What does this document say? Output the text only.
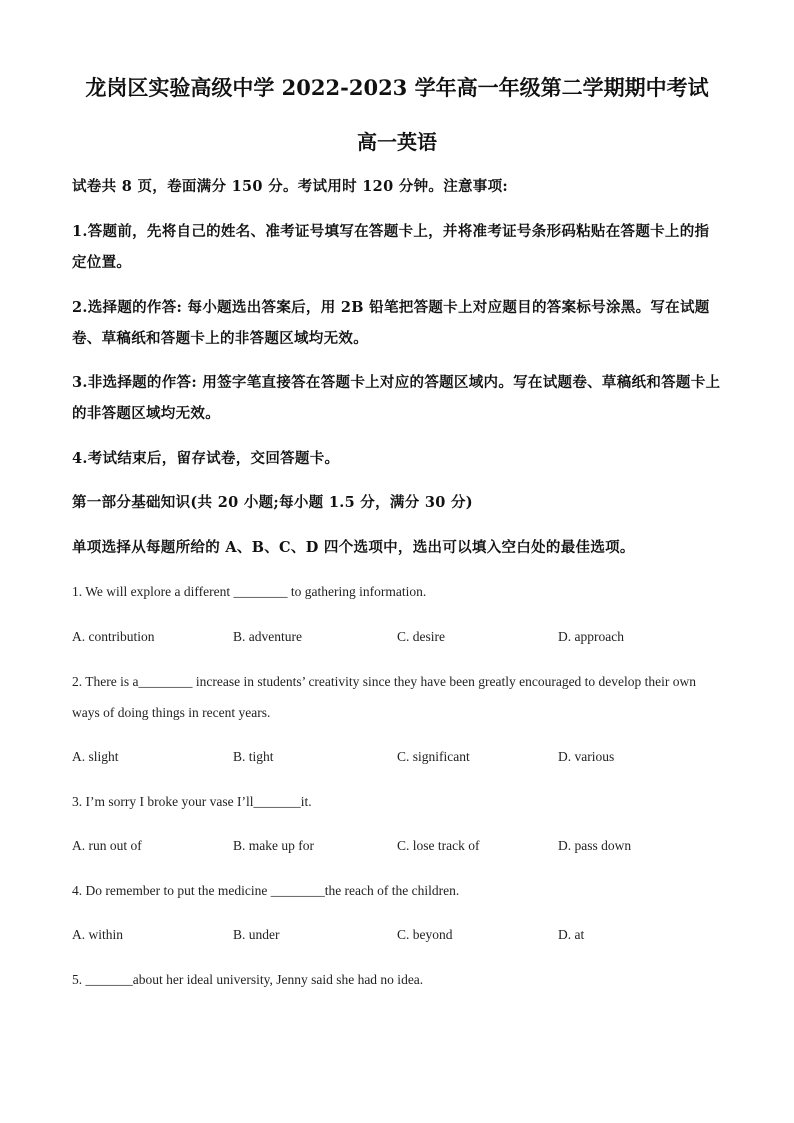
龙岗区实验高级中学 2022-2023 学年高一年级第二学期期中考试
高一英语
试卷共 8 页，卷面满分 150 分。考试用时 120 分钟。注意事项:
1.答题前，先将自己的姓名、准考证号填写在答题卡上，并将准考证号条形码粘贴在答题卡上的指定位置。
2.选择题的作答: 每小题选出答案后，用 2B 铅笔把答题卡上对应题目的答案标号涂黑。写在试题卷、草稿纸和答题卡上的非答题区域均无效。
3.非选择题的作答: 用签字笔直接答在答题卡上对应的答题区域内。写在试题卷、草稿纸和答题卡上的非答题区域均无效。
4.考试结束后，留存试卷，交回答题卡。
第一部分基础知识(共 20 小题;每小题 1.5 分，满分 30 分)
单项选择从每题所给的 A、B、C、D 四个选项中，选出可以填入空白处的最佳选项。
1. We will explore a different ________ to gathering information.
A. contribution	B. adventure	C. desire	D. approach
2. There is a________ increase in students’ creativity since they have been greatly encouraged to develop their own ways of doing things in recent years.
A. slight	B. tight	C. significant	D. various
3. I’m sorry I broke your vase I’ll_______it.
A. run out of	B. make up for	C. lose track of	D. pass down
4. Do remember to put the medicine ________the reach of the children.
A. within	B. under	C. beyond	D. at
5. _______about her ideal university, Jenny said she had no idea.
